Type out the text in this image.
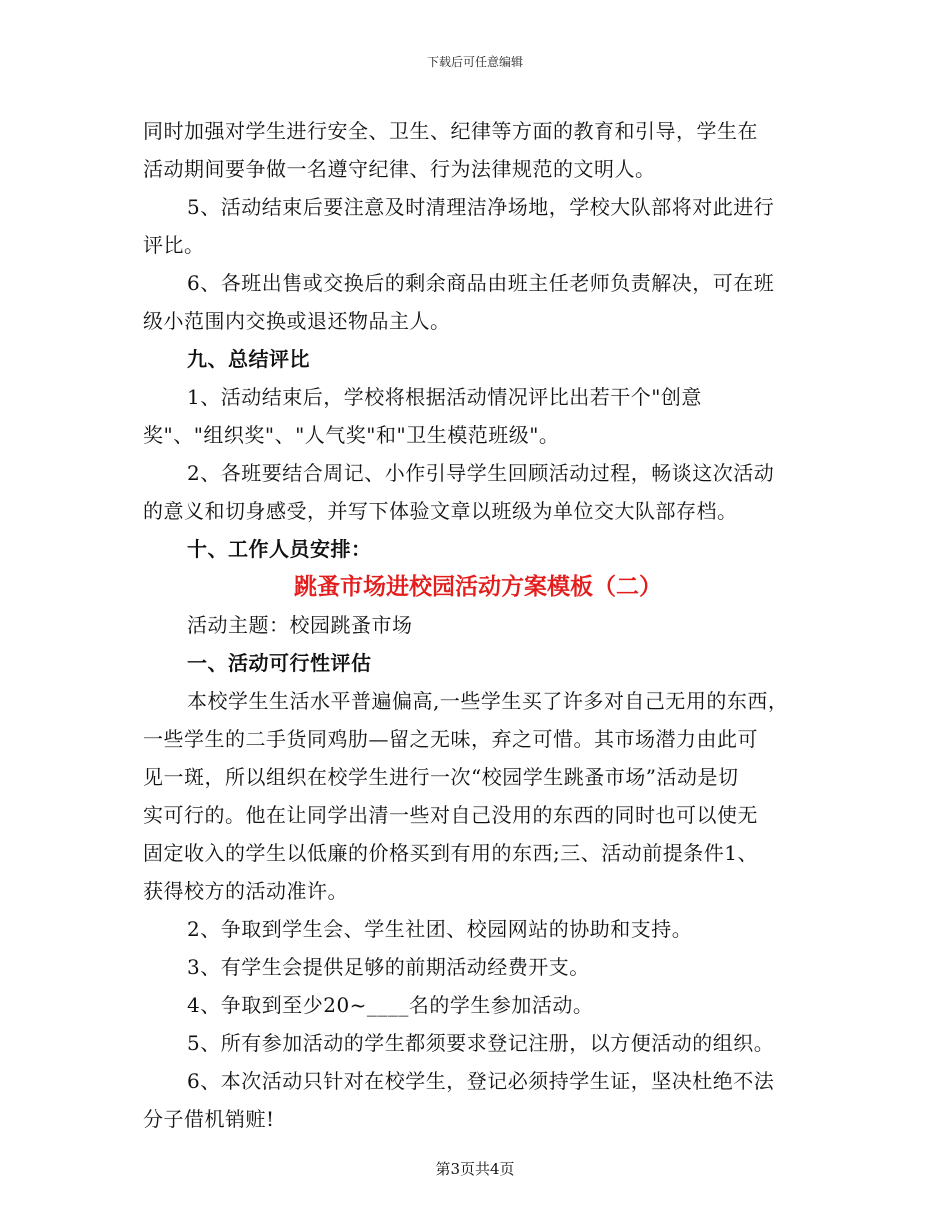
下载后可任意编辑
同时加强对学生进行安全、卫生、纪律等方面的教育和引导，学生在
活动期间要争做一名遵守纪律、行为法律规范的文明人。
5、活动结束后要注意及时清理洁净场地，学校大队部将对此进行
评比。
6、各班出售或交换后的剩余商品由班主任老师负责解决，可在班
级小范围内交换或退还物品主人。
九、总结评比
1、活动结束后，学校将根据活动情况评比出若干个"创意
奖"、"组织奖"、"人气奖"和"卫生模范班级"。
2、各班要结合周记、小作引导学生回顾活动过程，畅谈这次活动
的意义和切身感受，并写下体验文章以班级为单位交大队部存档。
十、工作人员安排：
跳蚤市场进校园活动方案模板（二）
活动主题：校园跳蚤市场
一、活动可行性评估
本校学生生活水平普遍偏高,一些学生买了许多对自己无用的东西，
一些学生的二手货同鸡肋—留之无味，弃之可惜。其市场潜力由此可
见一斑，所以组织在校学生进行一次“校园学生跳蚤市场”活动是切
实可行的。他在让同学出清一些对自己没用的东西的同时也可以使无
固定收入的学生以低廉的价格买到有用的东西;三、活动前提条件1、
获得校方的活动准许。
2、争取到学生会、学生社团、校园网站的协助和支持。
3、有学生会提供足够的前期活动经费开支。
4、争取到至少20~____名的学生参加活动。
5、所有参加活动的学生都须要求登记注册，以方便活动的组织。
6、本次活动只针对在校学生，登记必须持学生证，坚决杜绝不法
分子借机销赃!
第3页共4页
